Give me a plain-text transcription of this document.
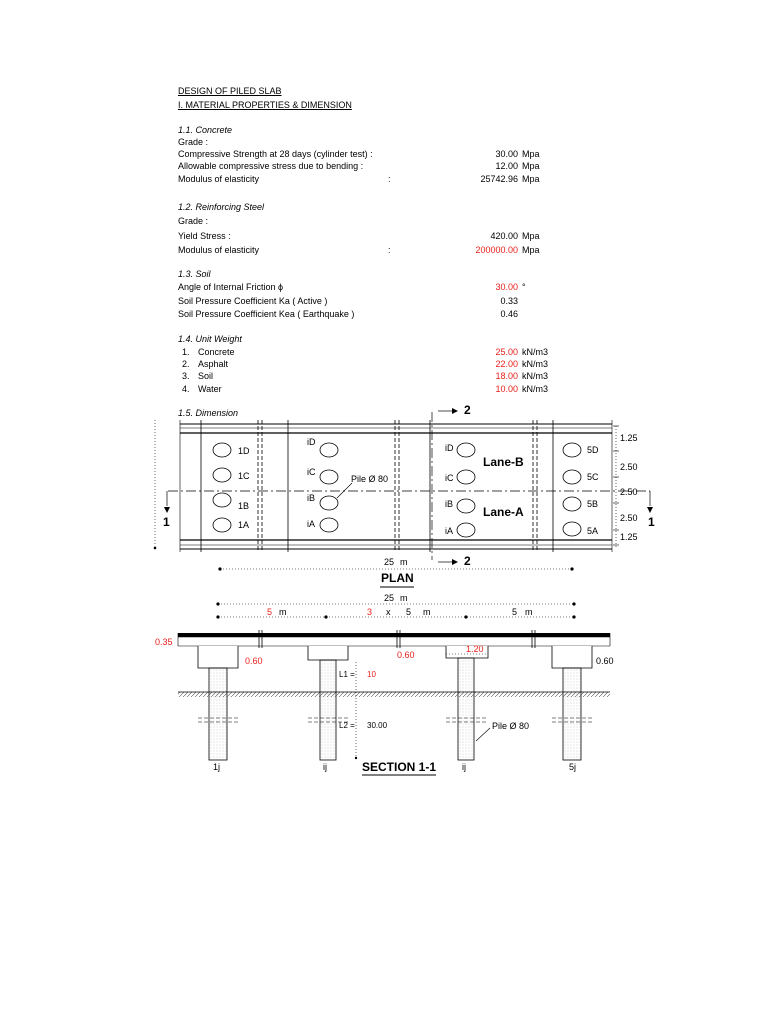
DESIGN OF PILED SLAB
I. MATERIAL PROPERTIES & DIMENSION
1.1. Concrete
Grade :
Compressive Strength at 28 days (cylinder test) :	30.00 Mpa
Allowable compressive stress due to bending :	12.00 Mpa
Modulus of elasticity	:	25742.96 Mpa
1.2. Reinforcing Steel
Grade :
Yield Stress :	420.00 Mpa
Modulus of elasticity	:	200000.00 Mpa
1.3. Soil
Angle of Internal Friction ϕ	30.00 °
Soil Pressure Coefficient Ka ( Active )	0.33
Soil Pressure Coefficient Kea ( Earthquake )	0.46
1.4. Unit Weight
1. Concrete	25.00 kN/m3
2. Asphalt	22.00 kN/m3
3. Soil	18.00 kN/m3
4. Water	10.00 kN/m3
1.5. Dimension
1D
1C
1B
1A
iD
iC
iB
iA
iD
iC
iB
iA
5D
5C
5B
5A
Pile Ø 80
Lane-B
Lane-A
1.25
2.50
2.50
2.50
1.25
1	1
2
2
25 m
PLAN
25 m
5 m	3 x 5 m	5 m
0.35
0.60
0.60
1.20
0.60
L1 = 10
L2 = 30.00	Pile Ø 80
1j	ij	ij	5j
SECTION 1-1
